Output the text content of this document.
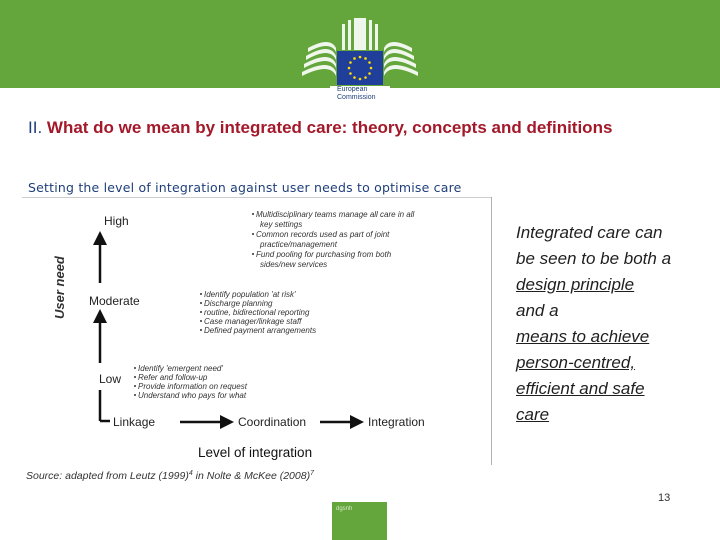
European
Commission
II. What do we mean by integrated care: theory, concepts and definitions
Setting the level of integration against user needs to optimise care
User need
High
Moderate
Low
Linkage	Coordination	Integration
Level of integration
Multidisciplinary teams manage all care in all
key settings
Common records used as part of joint
practice/management
Fund pooling for purchasing from both
sides/new services
Identify population 'at risk'
Discharge planning
routine, bidirectional reporting
Case manager/linkage staff
Defined payment arrangements
Identify 'emergent need'
Refer and follow-up
Provide information on request
Understand who pays for what
Source: adapted from Leutz $(1999)^4$ in Nolte & McKee $(2008)^7$
Integrated care can
be seen to be both a
design principle
and a
means to achieve
person-centred,
efficient and safe
care
13
dgsnh
